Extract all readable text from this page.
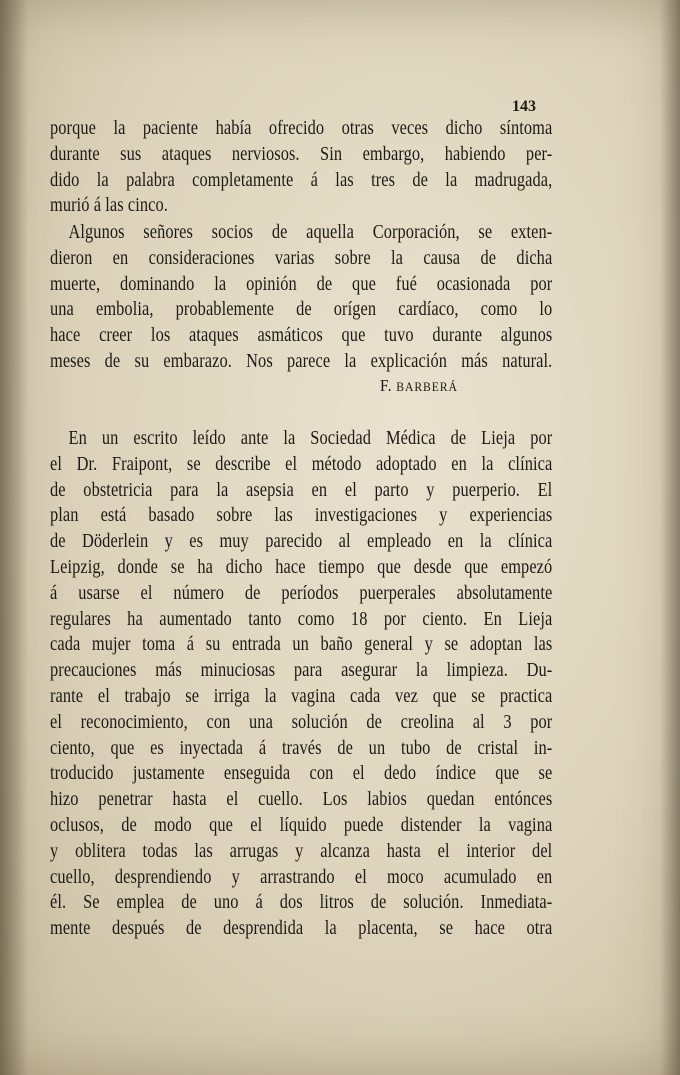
143
porque la paciente había ofrecido otras veces dicho síntoma
durante sus ataques nerviosos. Sin embargo, habiendo per-
dido la palabra completamente á las tres de la madrugada,
murió á las cinco.
Algunos señores socios de aquella Corporación, se exten-
dieron en consideraciones varias sobre la causa de dicha
muerte, dominando la opinión de que fué ocasionada por
una embolia, probablemente de orígen cardíaco, como lo
hace creer los ataques asmáticos que tuvo durante algunos
meses de su embarazo. Nos parece la explicación más natural.
F. BARBERÁ
En un escrito leído ante la Sociedad Médica de Lieja por
el Dr. Fraipont, se describe el método adoptado en la clínica
de obstetricia para la asepsia en el parto y puerperio. El
plan está basado sobre las investigaciones y experiencias
de Döderlein y es muy parecido al empleado en la clínica
Leipzig, donde se ha dicho hace tiempo que desde que empezó
á usarse el número de períodos puerperales absolutamente
regulares ha aumentado tanto como 18 por ciento. En Lieja
cada mujer toma á su entrada un baño general y se adoptan las
precauciones más minuciosas para asegurar la limpieza. Du-
rante el trabajo se irriga la vagina cada vez que se practica
el reconocimiento, con una solución de creolina al 3 por
ciento, que es inyectada á través de un tubo de cristal in-
troducido justamente enseguida con el dedo índice que se
hizo penetrar hasta el cuello. Los labios quedan entónces
oclusos, de modo que el líquido puede distender la vagina
y oblitera todas las arrugas y alcanza hasta el interior del
cuello, desprendiendo y arrastrando el moco acumulado en
él. Se emplea de uno á dos litros de solución. Inmediata-
mente después de desprendida la placenta, se hace otra
